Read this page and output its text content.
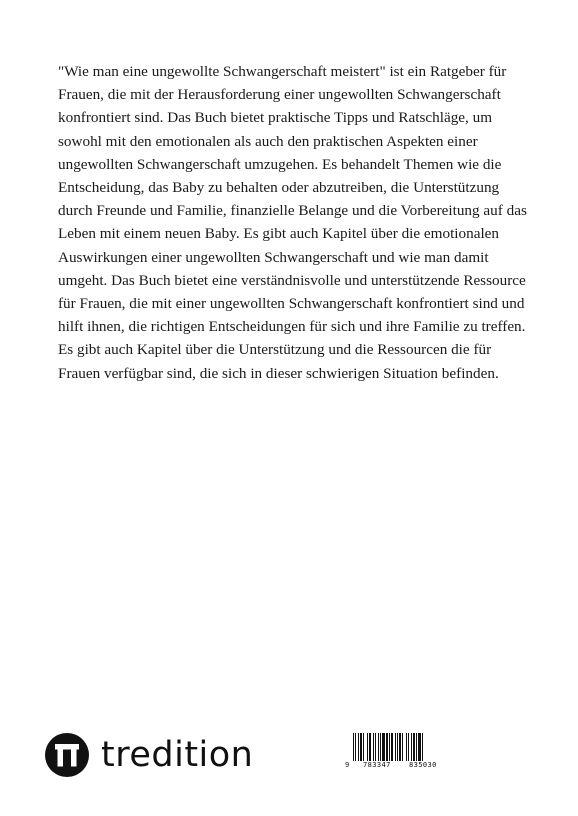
"Wie man eine ungewollte Schwangerschaft meistert" ist ein Ratgeber für Frauen, die mit der Herausforderung einer ungewollten Schwangerschaft konfrontiert sind. Das Buch bietet praktische Tipps und Ratschläge, um sowohl mit den emotionalen als auch den praktischen Aspekten einer ungewollten Schwangerschaft umzugehen. Es behandelt Themen wie die Entscheidung, das Baby zu behalten oder abzutreiben, die Unterstützung durch Freunde und Familie, finanzielle Belange und die Vorbereitung auf das Leben mit einem neuen Baby. Es gibt auch Kapitel über die emotionalen Auswirkungen einer ungewollten Schwangerschaft und wie man damit umgeht. Das Buch bietet eine verständnisvolle und unterstützende Ressource für Frauen, die mit einer ungewollten Schwangerschaft konfrontiert sind und hilft ihnen, die richtigen Entscheidungen für sich und ihre Familie zu treffen. Es gibt auch Kapitel über die Unterstützung und die Ressourcen die für Frauen verfügbar sind, die sich in dieser schwierigen Situation befinden.

tredition	9 783347	835030
